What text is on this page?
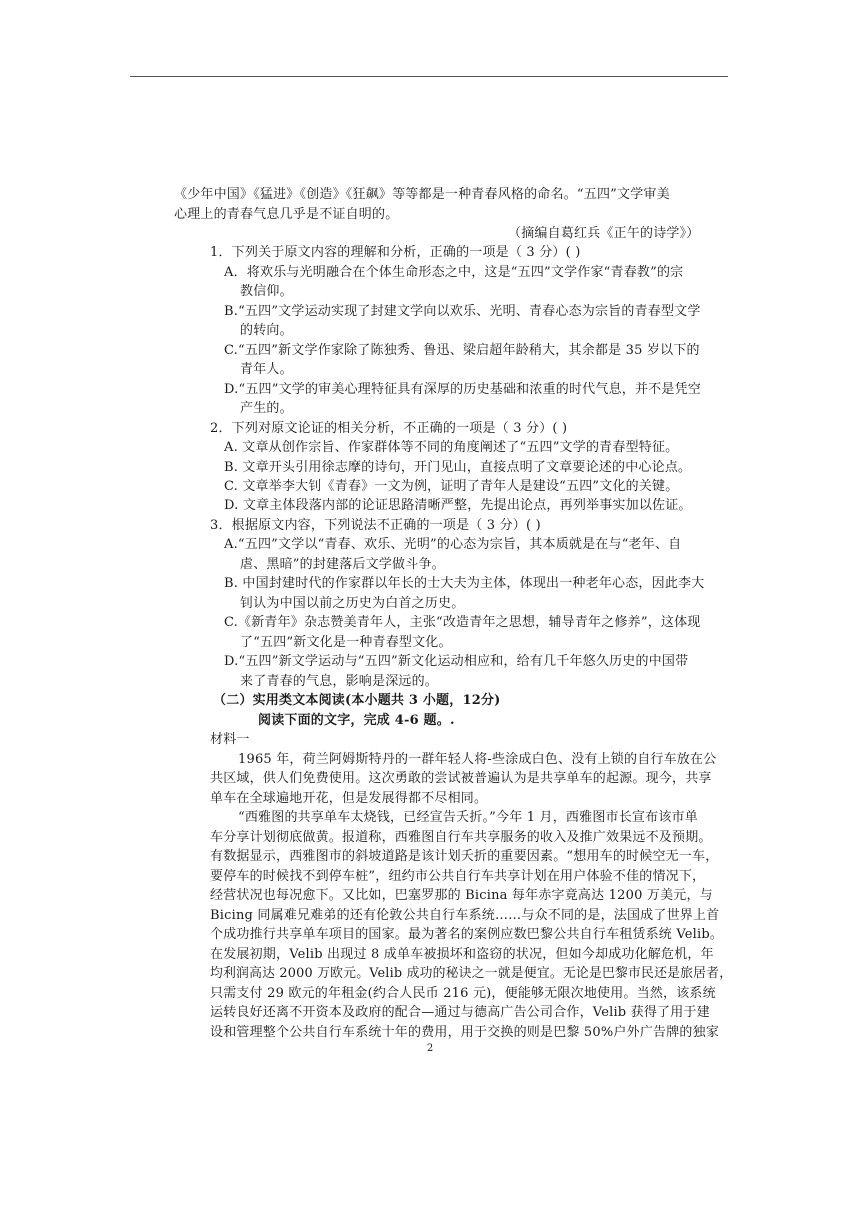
《少年中国》《猛进》《创造》《狂飙》等等都是一种青春风格的命名。“五四”文学审美
心理上的青春气息几乎是不证自明的。
（摘编自葛红兵《正午的诗学》）
1．下列关于原文内容的理解和分析，正确的一项是（ 3 分）( )
A．将欢乐与光明融合在个体生命形态之中，这是“五四”文学作家“青春教”的宗
教信仰。
B.“五四”文学运动实现了封建文学向以欢乐、光明、青春心态为宗旨的青春型文学
的转向。
C.“五四”新文学作家除了陈独秀、鲁迅、梁启超年龄稍大，其余都是 35 岁以下的
青年人。
D.“五四”文学的审美心理特征具有深厚的历史基础和浓重的时代气息，并不是凭空
产生的。
2．下列对原文论证的相关分析，不正确的一项是（ 3 分）( )
A. 文章从创作宗旨、作家群体等不同的角度阐述了“五四”文学的青春型特征。
B. 文章开头引用徐志摩的诗句，开门见山，直接点明了文章要论述的中心论点。
C. 文章举李大钊《青春》一文为例，证明了青年人是建设“五四”文化的关键。
D. 文章主体段落内部的论证思路清晰严整，先提出论点，再列举事实加以佐证。
3．根据原文内容，下列说法不正确的一项是（ 3 分）( )
A.“五四”文学以“青春、欢乐、光明”的心态为宗旨，其本质就是在与“老年、自
虐、黑暗”的封建落后文学做斗争。
B. 中国封建时代的作家群以年长的士大夫为主体，体现出一种老年心态，因此李大
钊认为中国以前之历史为白首之历史。
C.《新青年》杂志赞美青年人，主张“改造青年之思想，辅导青年之修养”，这体现
了“五四”新文化是一种青春型文化。
D.“五四”新文学运动与“五四”新文化运动相应和，给有几千年悠久历史的中国带
来了青春的气息，影响是深远的。
（二）实用类文本阅读(本小题共 3 小题，12分)
阅读下面的文字，完成 4-6 题。.
材料一
1965 年，荷兰阿姆斯特丹的一群年轻人将-些涂成白色、没有上锁的自行车放在公
共区域，供人们免费使用。这次勇敢的尝试被普遍认为是共享单车的起源。现今，共享
单车在全球遍地开花，但是发展得都不尽相同。
“西雅图的共享单车太烧钱，已经宣告夭折。”今年 1 月，西雅图市长宣布该市单
车分享计划彻底做黄。报道称，西雅图自行车共享服务的收入及推广效果远不及预期。
有数据显示，西雅图市的斜坡道路是该计划夭折的重要因素。“想用车的时候空无一车，
要停车的时候找不到停车桩”，纽约市公共自行车共享计划在用户体验不佳的情况下，
经营状况也每况愈下。又比如，巴塞罗那的 Bicina 每年赤字竟高达 1200 万美元，与
Bicing 同属难兄难弟的还有伦敦公共自行车系统……与众不同的是，法国成了世界上首
个成功推行共享单车项目的国家。最为著名的案例应数巴黎公共自行车租赁系统 Velib。
在发展初期，Velib 出现过 8 成单车被损坏和盗窃的状况，但如今却成功化解危机，年
均利润高达 2000 万欧元。Velib 成功的秘诀之一就是便宜。无论是巴黎市民还是旅居者，
只需支付 29 欧元的年租金(约合人民币 216 元)，便能够无限次地使用。当然，该系统
运转良好还离不开资本及政府的配合—通过与德高广告公司合作，Velib 获得了用于建
设和管理整个公共自行车系统十年的费用，用于交换的则是巴黎 50%户外广告牌的独家
2
